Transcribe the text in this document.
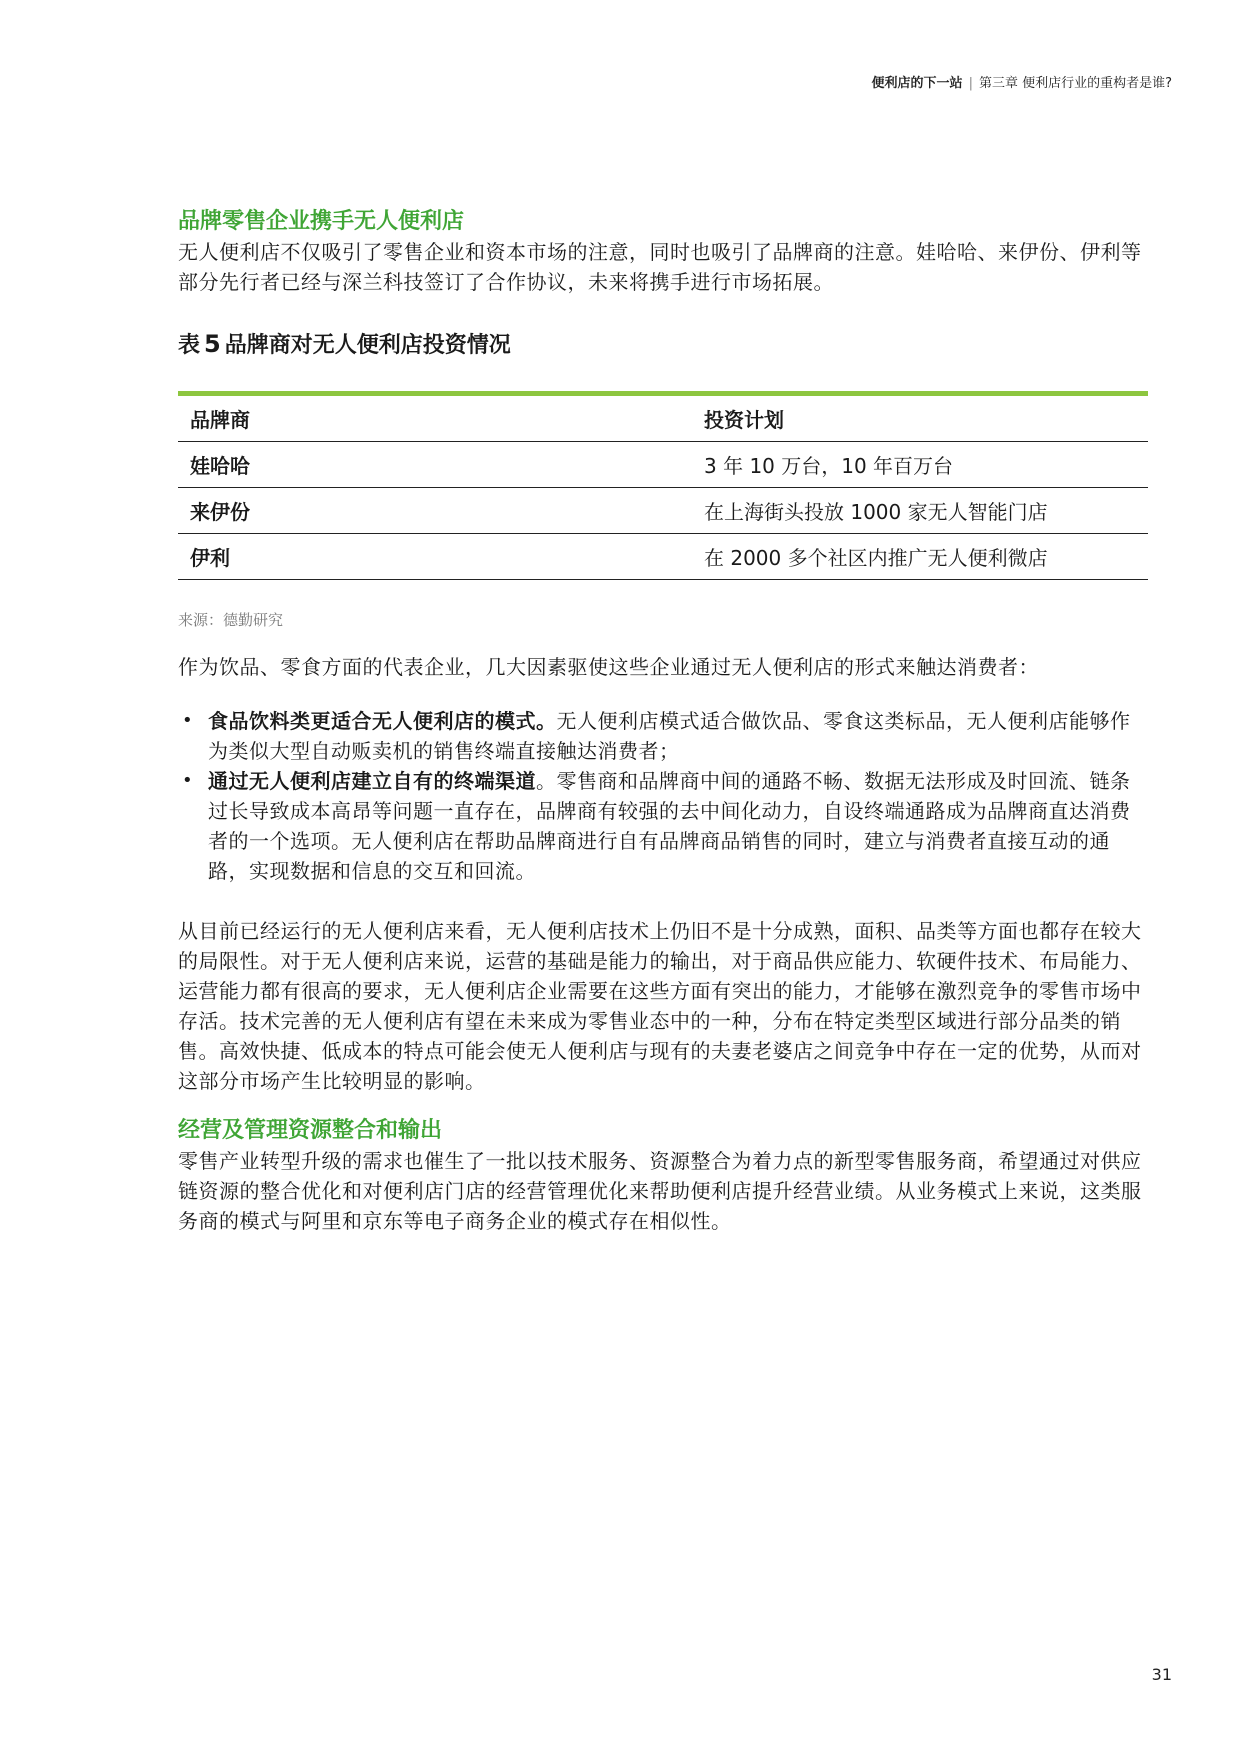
便利店的下一站 | 第三章 便利店行业的重构者是谁?
品牌零售企业携手无人便利店

无人便利店不仅吸引了零售企业和资本市场的注意，同时也吸引了品牌商的注意。娃哈哈、来伊份、伊利等部分先行者已经与深兰科技签订了合作协议，未来将携手进行市场拓展。

表 5 品牌商对无人便利店投资情况
品牌商	投资计划
娃哈哈	3 年 10 万台，10 年百万台
来伊份	在上海街头投放 1000 家无人智能门店
伊利	在 2000 多个社区内推广无人便利微店

来源：德勤研究

作为饮品、零食方面的代表企业，几大因素驱使这些企业通过无人便利店的形式来触达消费者：

• 食品饮料类更适合无人便利店的模式。无人便利店模式适合做饮品、零食这类标品，无人便利店能够作为类似大型自动贩卖机的销售终端直接触达消费者；
• 通过无人便利店建立自有的终端渠道。零售商和品牌商中间的通路不畅、数据无法形成及时回流、链条过长导致成本高昂等问题一直存在，品牌商有较强的去中间化动力，自设终端通路成为品牌商直达消费者的一个选项。无人便利店在帮助品牌商进行自有品牌商品销售的同时，建立与消费者直接互动的通路，实现数据和信息的交互和回流。

从目前已经运行的无人便利店来看，无人便利店技术上仍旧不是十分成熟，面积、品类等方面也都存在较大的局限性。对于无人便利店来说，运营的基础是能力的输出，对于商品供应能力、软硬件技术、布局能力、运营能力都有很高的要求，无人便利店企业需要在这些方面有突出的能力，才能够在激烈竞争的零售市场中存活。技术完善的无人便利店有望在未来成为零售业态中的一种，分布在特定类型区域进行部分品类的销售。高效快捷、低成本的特点可能会使无人便利店与现有的夫妻老婆店之间竞争中存在一定的优势，从而对这部分市场产生比较明显的影响。

经营及管理资源整合和输出

零售产业转型升级的需求也催生了一批以技术服务、资源整合为着力点的新型零售服务商，希望通过对供应链资源的整合优化和对便利店门店的经营管理优化来帮助便利店提升经营业绩。从业务模式上来说，这类服务商的模式与阿里和京东等电子商务企业的模式存在相似性。

31
